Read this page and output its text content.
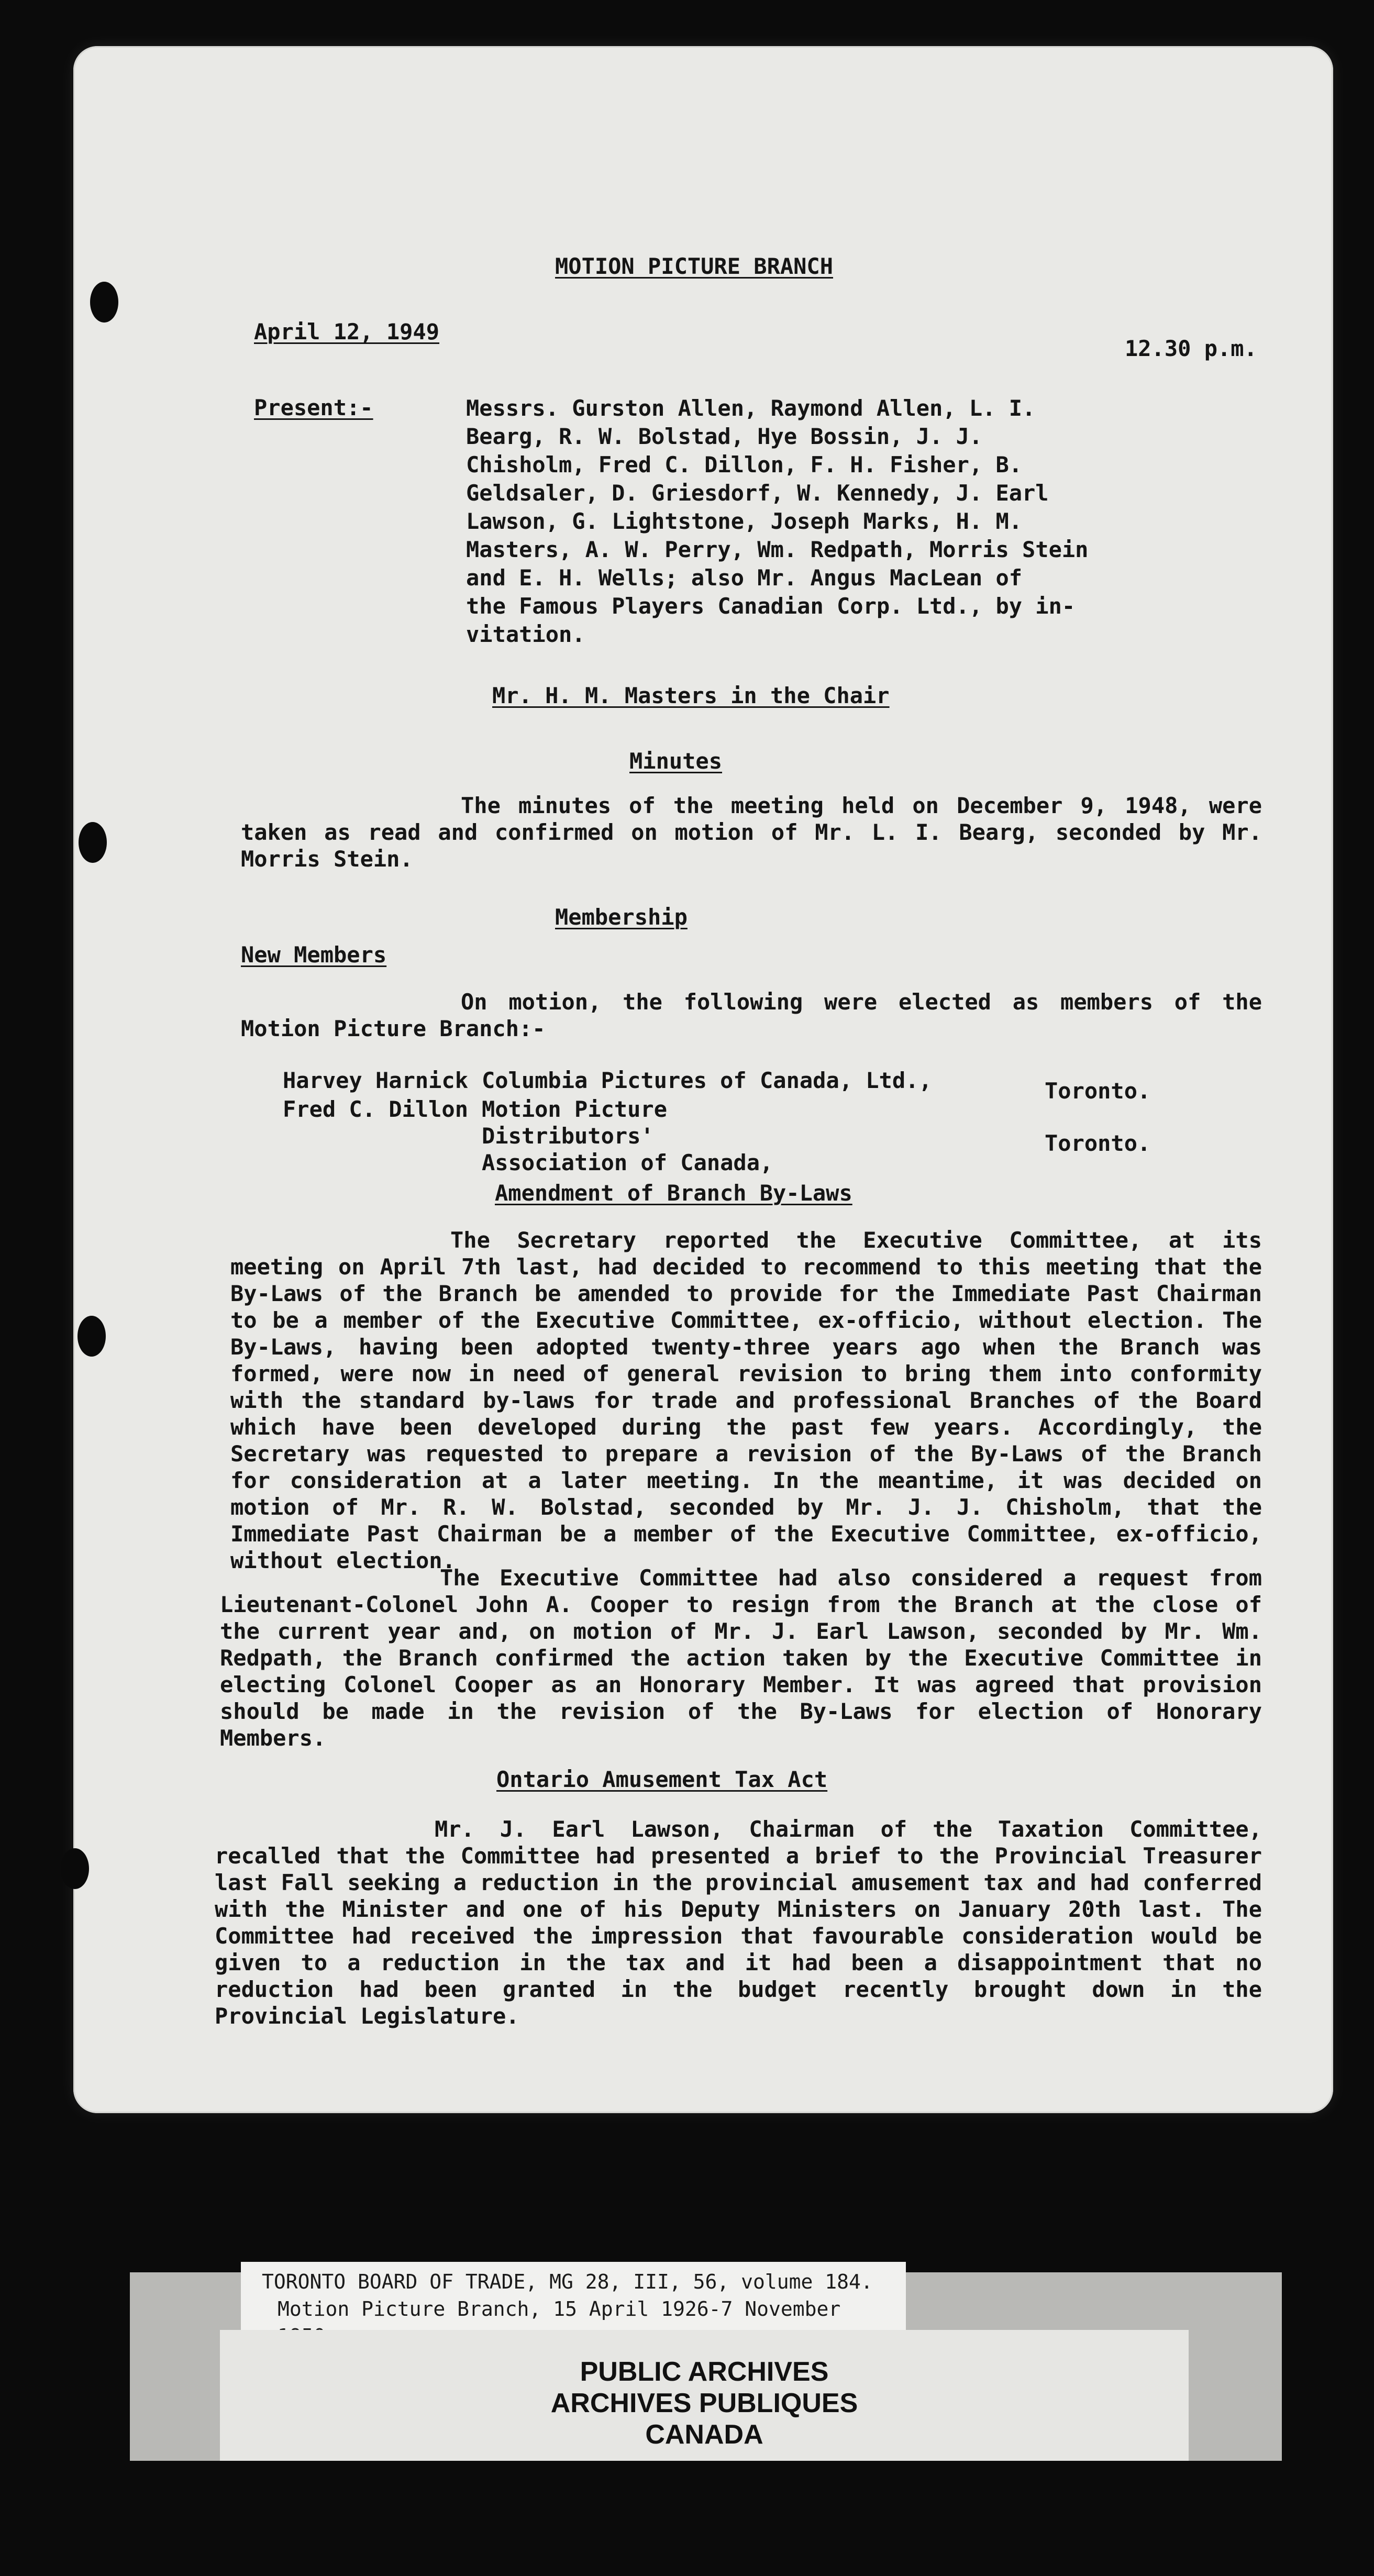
MOTION PICTURE BRANCH

April 12, 1949

12.30 p.m.

Present:-	Messrs. Gurston Allen, Raymond Allen, L. I.
Bearg, R. W. Bolstad, Hye Bossin, J. J.
Chisholm, Fred C. Dillon, F. H. Fisher, B.
Geldsaler, D. Griesdorf, W. Kennedy, J. Earl
Lawson, G. Lightstone, Joseph Marks, H. M.
Masters, A. W. Perry, Wm. Redpath, Morris Stein
and E. H. Wells; also Mr. Angus MacLean of
the Famous Players Canadian Corp. Ltd., by in-
vitation.

Mr. H. M. Masters in the Chair

Minutes

The minutes of the meeting held on December 9, 1948, were taken as read and confirmed on motion of Mr. L. I. Bearg, seconded by Mr. Morris Stein.

Membership

New Members

On motion, the following were elected as members of the Motion Picture Branch:-

Harvey Harnick Columbia Pictures of Canada, Ltd.,	Toronto.

Fred C. Dillon Motion Picture Distributors' Association of Canada,

Toronto.

Amendment of Branch By-Laws

The Secretary reported the Executive Committee, at its meeting on April 7th last, had decided to recommend to this meeting that the By-Laws of the Branch be amended to provide for the Immediate Past Chairman to be a member of the Executive Committee, ex-officio, without election. The By-Laws, having been adopted twenty-three years ago when the Branch was formed, were now in need of general revision to bring them into conformity with the standard by-laws for trade and professional Branches of the Board which have been developed during the past few years. Accordingly, the Secretary was requested to prepare a revision of the By-Laws of the Branch for consideration at a later meeting. In the meantime, it was decided on motion of Mr. R. W. Bolstad, seconded by Mr. J. J. Chisholm, that the Immediate Past Chairman be a member of the Executive Committee, ex-officio, without election.

The Executive Committee had also considered a request from Lieutenant-Colonel John A. Cooper to resign from the Branch at the close of the current year and, on motion of Mr. J. Earl Lawson, seconded by Mr. Wm. Redpath, the Branch confirmed the action taken by the Executive Committee in electing Colonel Cooper as an Honorary Member. It was agreed that provision should be made in the revision of the By-Laws for election of Honorary Members.

Ontario Amusement Tax Act

Mr. J. Earl Lawson, Chairman of the Taxation Committee, recalled that the Committee had presented a brief to the Provincial Treasurer last Fall seeking a reduction in the provincial amusement tax and had conferred with the Minister and one of his Deputy Ministers on January 20th last. The Committee had received the impression that favourable consideration would be given to a reduction in the tax and it had been a disappointment that no reduction had been granted in the budget recently brought down in the Provincial Legislature.

TORONTO BOARD OF TRADE, MG 28, III, 56, volume 184.
Motion Picture Branch, 15 April 1926-7 November
PUBLIC ARCHIVES
ARCHIVES PUBLIQUES
CANADA
